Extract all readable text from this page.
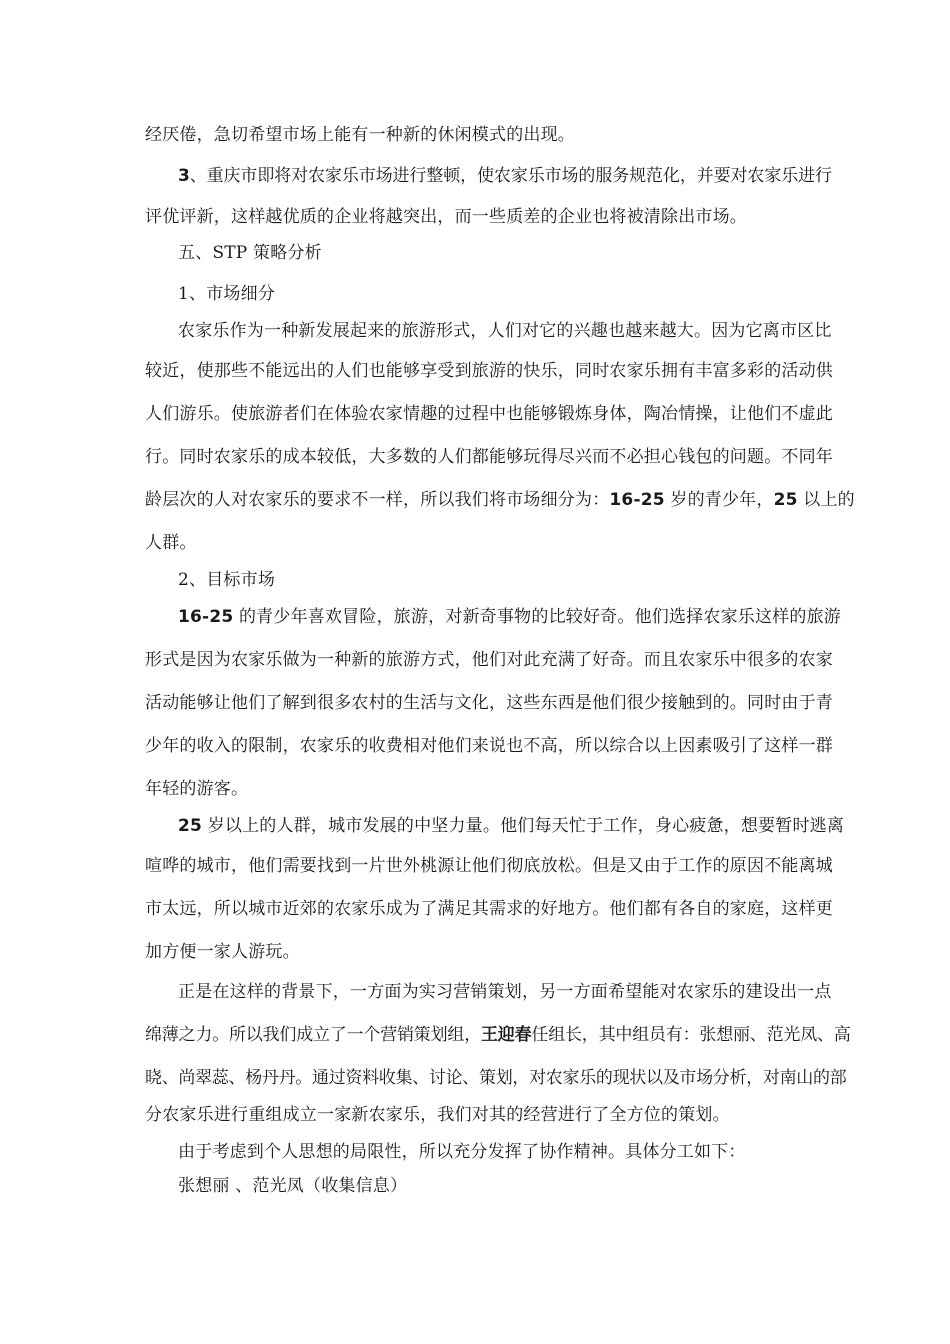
经厌倦，急切希望市场上能有一种新的休闲模式的出现。
3、重庆市即将对农家乐市场进行整顿，使农家乐市场的服务规范化，并要对农家乐进行
评优评新，这样越优质的企业将越突出，而一些质差的企业也将被清除出市场。
五、STP 策略分析
1、市场细分
农家乐作为一种新发展起来的旅游形式，人们对它的兴趣也越来越大。因为它离市区比
较近，使那些不能远出的人们也能够享受到旅游的快乐，同时农家乐拥有丰富多彩的活动供
人们游乐。使旅游者们在体验农家情趣的过程中也能够锻炼身体，陶冶情操，让他们不虚此
行。同时农家乐的成本较低，大多数的人们都能够玩得尽兴而不必担心钱包的问题。不同年
龄层次的人对农家乐的要求不一样，所以我们将市场细分为：16-25 岁的青少年，25 以上的
人群。
2、目标市场
16-25 的青少年喜欢冒险，旅游，对新奇事物的比较好奇。他们选择农家乐这样的旅游
形式是因为农家乐做为一种新的旅游方式，他们对此充满了好奇。而且农家乐中很多的农家
活动能够让他们了解到很多农村的生活与文化，这些东西是他们很少接触到的。同时由于青
少年的收入的限制，农家乐的收费相对他们来说也不高，所以综合以上因素吸引了这样一群
年轻的游客。
25 岁以上的人群，城市发展的中坚力量。他们每天忙于工作，身心疲惫，想要暂时逃离
喧哗的城市，他们需要找到一片世外桃源让他们彻底放松。但是又由于工作的原因不能离城
市太远，所以城市近郊的农家乐成为了满足其需求的好地方。他们都有各自的家庭，这样更
加方便一家人游玩。
正是在这样的背景下，一方面为实习营销策划，另一方面希望能对农家乐的建设出一点
绵薄之力。所以我们成立了一个营销策划组，王迎春任组长，其中组员有：张想丽、范光凤、高
晓、尚翠蕊、杨丹丹。通过资料收集、讨论、策划，对农家乐的现状以及市场分析，对南山的部
分农家乐进行重组成立一家新农家乐，我们对其的经营进行了全方位的策划。
由于考虑到个人思想的局限性，所以充分发挥了协作精神。具体分工如下：
张想丽 、范光凤（收集信息）
